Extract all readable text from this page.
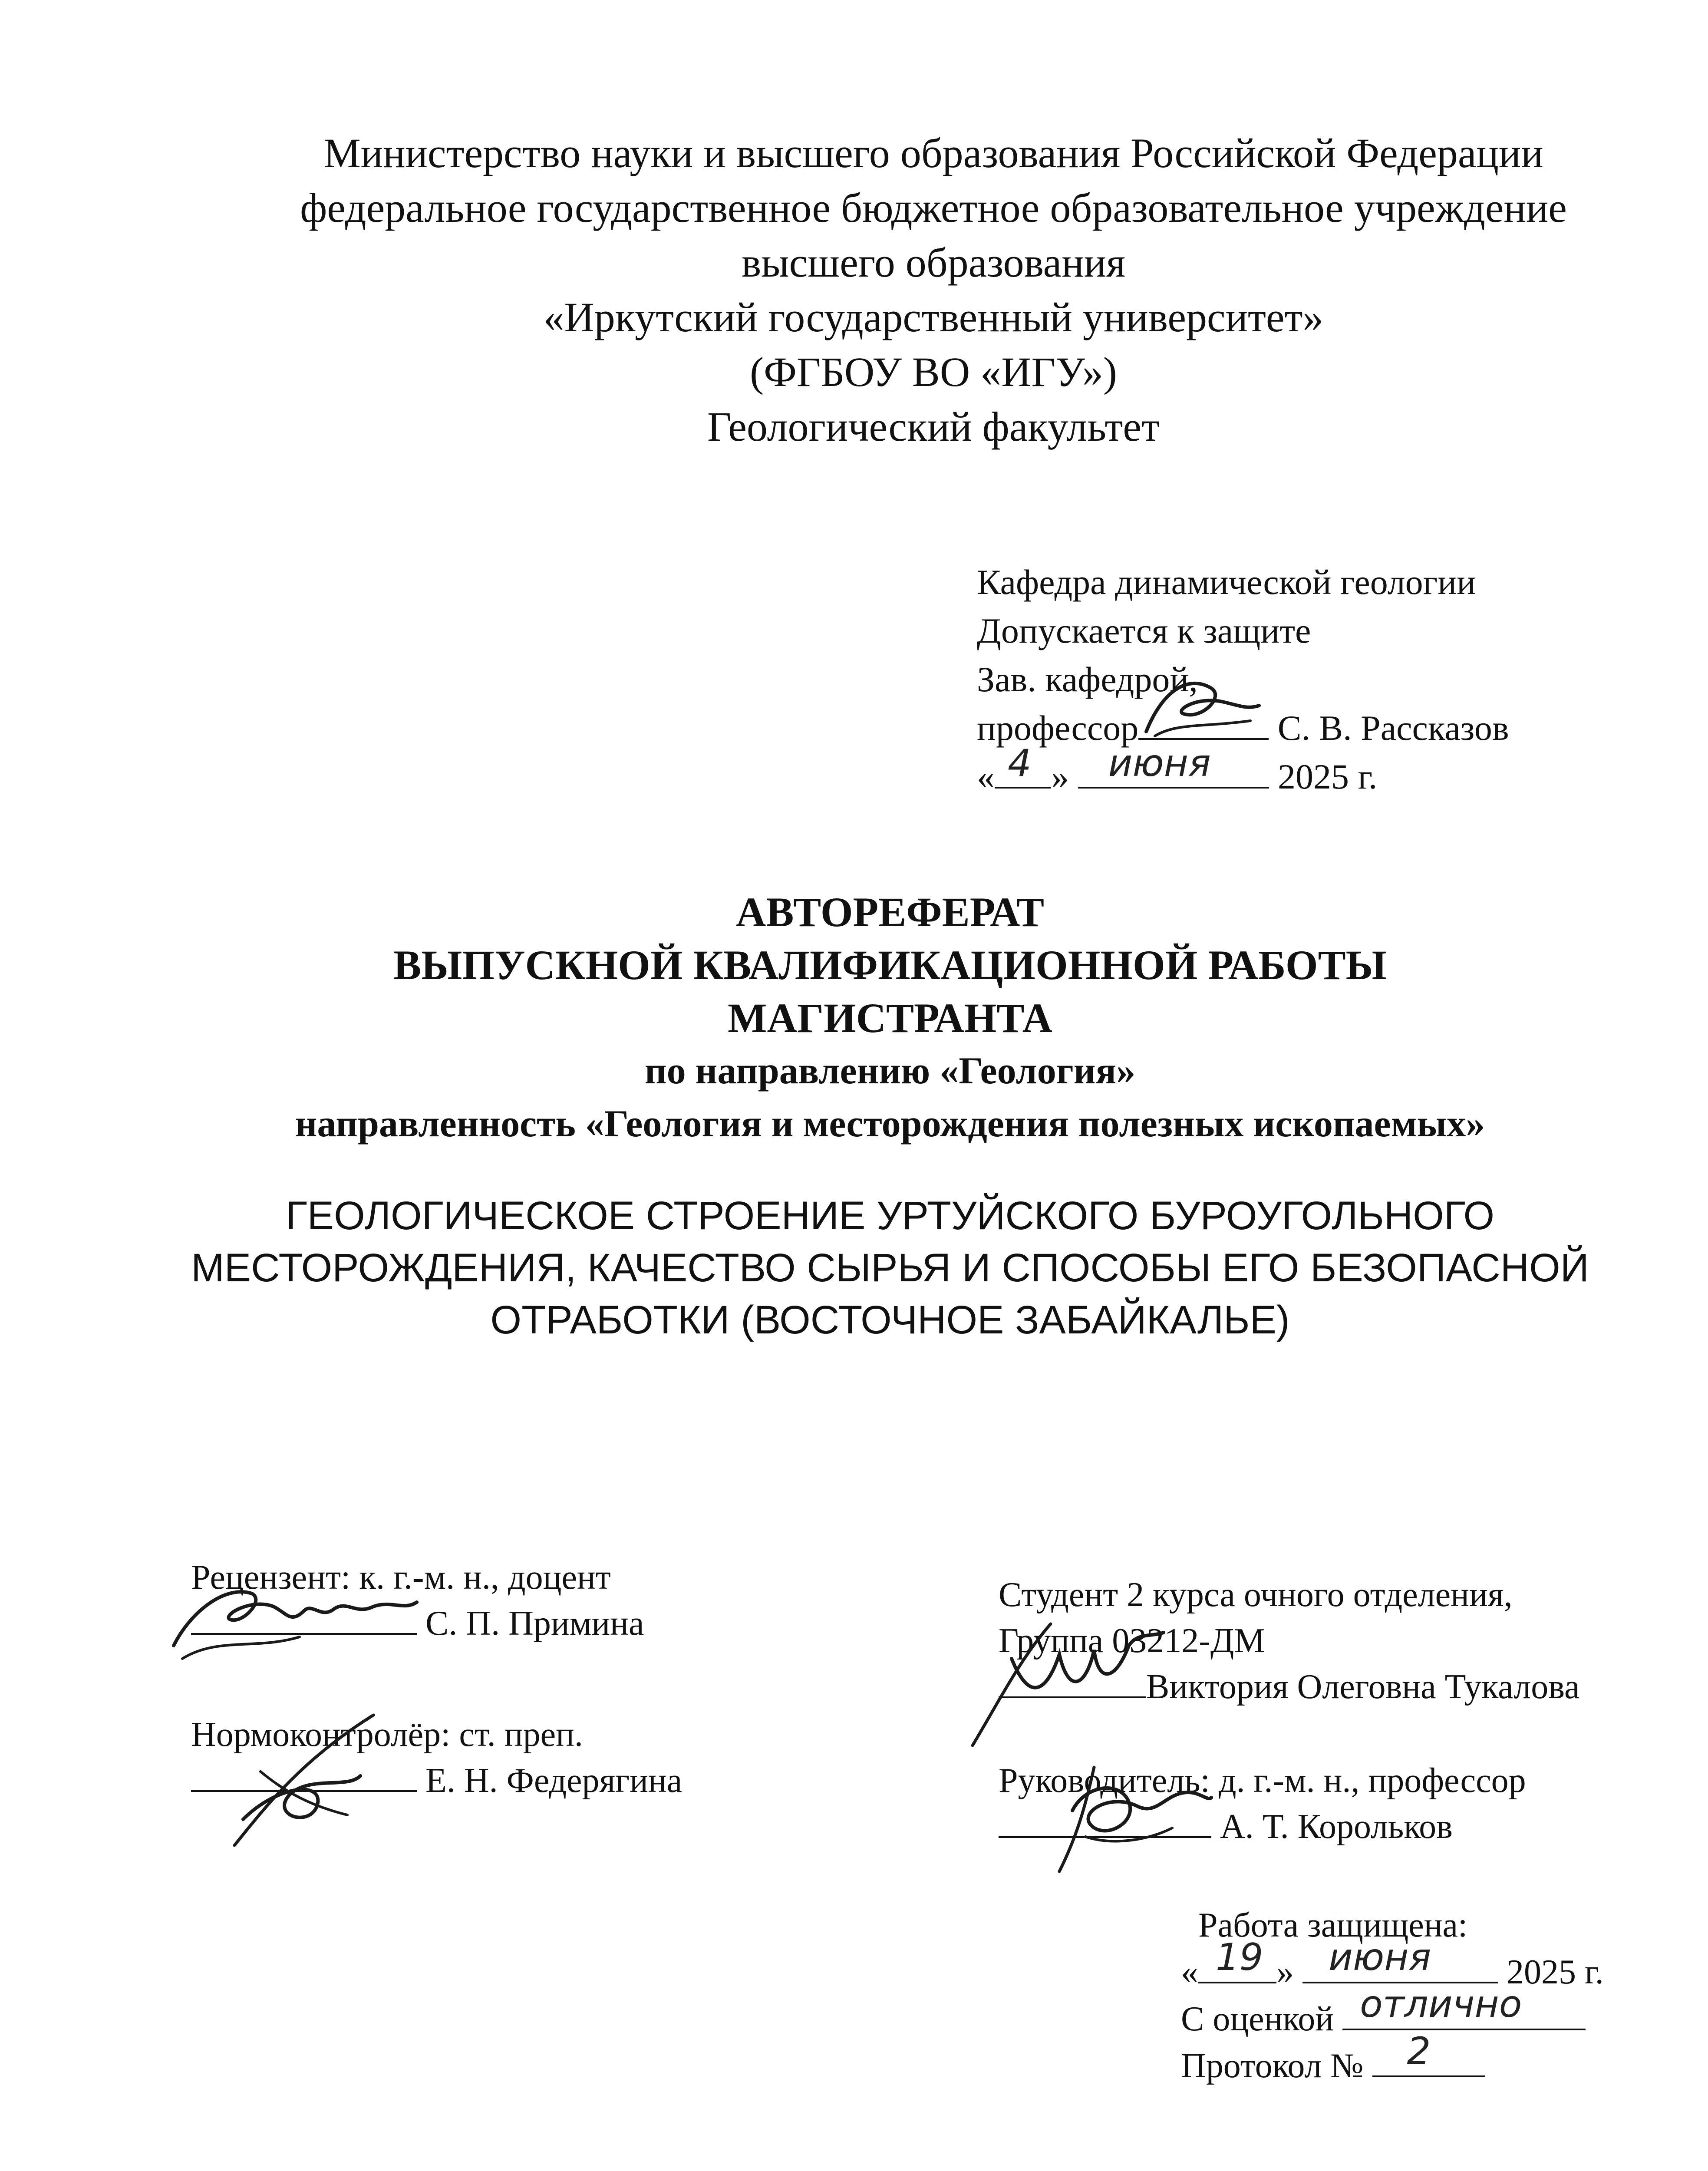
Министерство науки и высшего образования Российской Федерации
федеральное государственное бюджетное образовательное учреждение
высшего образования
«Иркутский государственный университет»
(ФГБОУ ВО «ИГУ»)
Геологический факультет
Кафедра динамической геологии
Допускается к защите
Зав. кафедрой,
профессор	С. В. Рассказов
« 4 » июня 2025 г.
АВТОРЕФЕРАТ
ВЫПУСКНОЙ КВАЛИФИКАЦИОННОЙ РАБОТЫ
МАГИСТРАНТА
по направлению «Геология»
направленность «Геология и месторождения полезных ископаемых»
ГЕОЛОГИЧЕСКОЕ СТРОЕНИЕ УРТУЙСКОГО БУРОУГОЛЬНОГО
МЕСТОРОЖДЕНИЯ, КАЧЕСТВО СЫРЬЯ И СПОСОБЫ ЕГО БЕЗОПАСНОЙ
ОТРАБОТКИ (ВОСТОЧНОЕ ЗАБАЙКАЛЬЕ)
Рецензент: к. г.-м. н., доцент
С. П. Примина
Нормоконтролёр: ст. преп.
Е. Н. Федерягина
Студент 2 курса очного отделения,
Группа 03212-ДМ
Виктория Олеговна Тукалова
Руководитель: д. г.-м. н., профессор
А. Т. Корольков
Работа защищена:
« 19 » июня 2025 г.
С оценкой отлично
Протокол № 2
